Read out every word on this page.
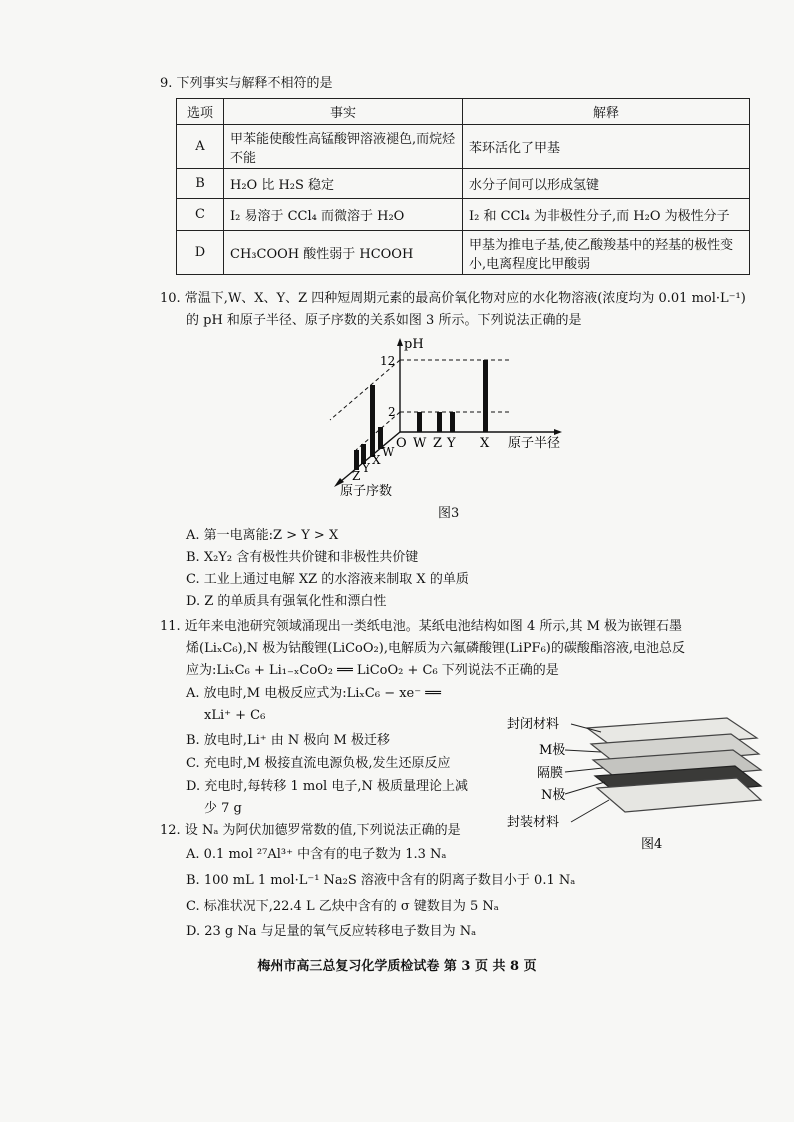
9. 下列事实与解释不相符的是
选项	事实	解释
A	甲苯能使酸性高锰酸钾溶液褪色,而烷烃不能	苯环活化了甲基
B	H₂O 比 H₂S 稳定	水分子间可以形成氢键
C	I₂ 易溶于 CCl₄ 而微溶于 H₂O	I₂ 和 CCl₄ 为非极性分子,而 H₂O 为极性分子
D	CH₃COOH 酸性弱于 HCOOH	甲基为推电子基,使乙酸羧基中的羟基的极性变小,电离程度比甲酸弱
10. 常温下,W、X、Y、Z 四种短周期元素的最高价氧化物对应的水化物溶液(浓度均为 0.01 mol·L⁻¹)
的 pH 和原子半径、原子序数的关系如图 3 所示。下列说法正确的是
pH
12
2
O W Z Y X 原子半径
Z
Y
X
W
原子序数
图3
A. 第一电离能:Z > Y > X
B. X₂Y₂ 含有极性共价键和非极性共价键
C. 工业上通过电解 XZ 的水溶液来制取 X 的单质
D. Z 的单质具有强氧化性和漂白性
11. 近年来电池研究领域涌现出一类纸电池。某纸电池结构如图 4 所示,其 M 极为嵌锂石墨
烯(LiₓC₆),N 极为钴酸锂(LiCoO₂),电解质为六氟磷酸锂(LiPF₆)的碳酸酯溶液,电池总反
应为:LiₓC₆ + Li₁₋ₓCoO₂ ══ LiCoO₂ + C₆ 下列说法不正确的是
A. 放电时,M 电极反应式为:LiₓC₆ − xe⁻ ══
xLi⁺ + C₆
B. 放电时,Li⁺ 由 N 极向 M 极迁移
C. 充电时,M 极接直流电源负极,发生还原反应
D. 充电时,每转移 1 mol 电子,N 极质量理论上减
少 7 g
封闭材料
M极
隔膜
N极
封装材料
图4
12. 设 Nₐ 为阿伏加德罗常数的值,下列说法正确的是
A. 0.1 mol ²⁷Al³⁺ 中含有的电子数为 1.3 Nₐ
B. 100 mL 1 mol·L⁻¹ Na₂S 溶液中含有的阴离子数目小于 0.1 Nₐ
C. 标准状况下,22.4 L 乙炔中含有的 σ 键数目为 5 Nₐ
D. 23 g Na 与足量的氧气反应转移电子数目为 Nₐ
梅州市高三总复习化学质检试卷 第 3 页 共 8 页
